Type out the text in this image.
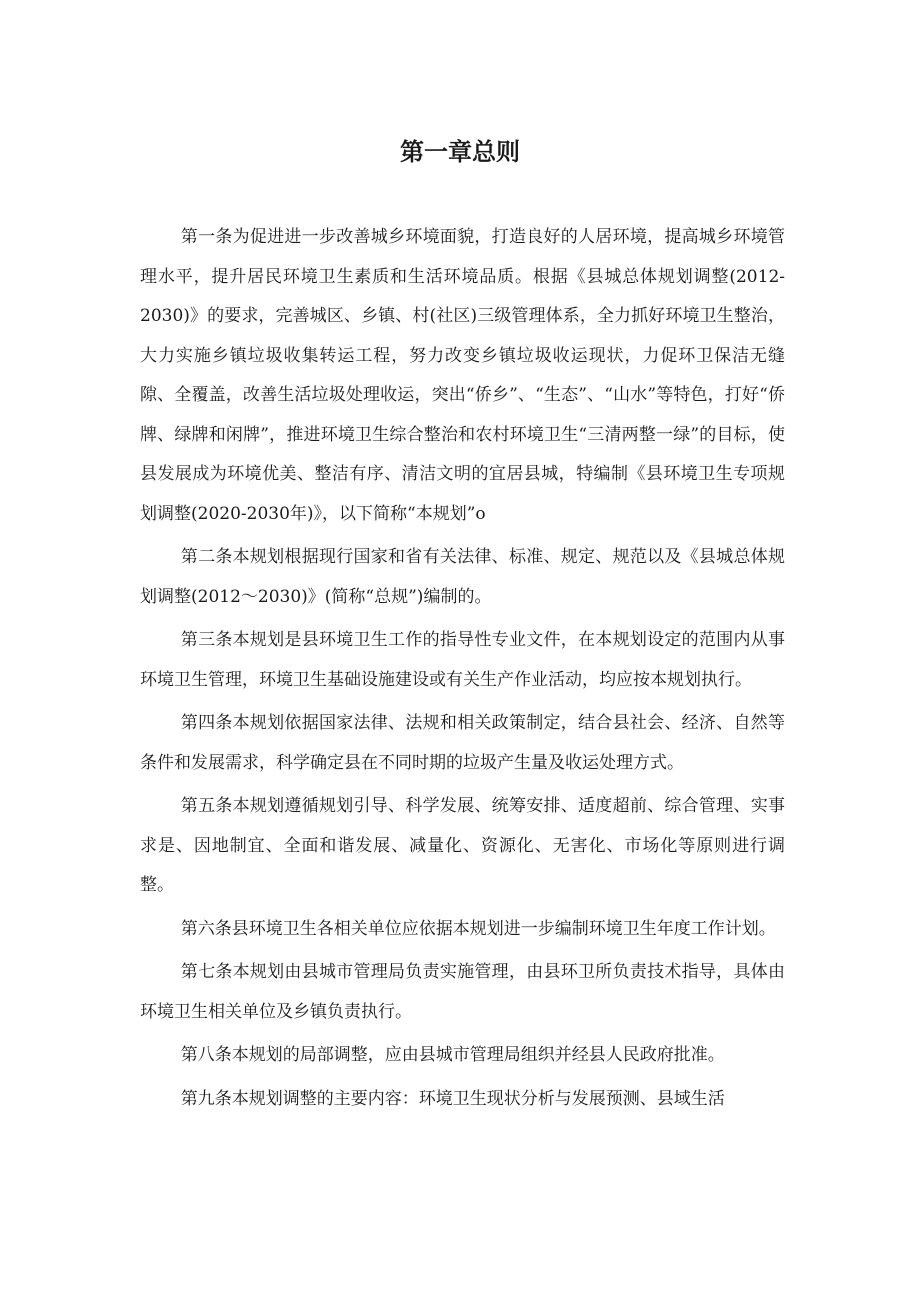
第一章总则

第一条为促进进一步改善城乡环境面貌，打造良好的人居环境，提高城乡环境管理水平，提升居民环境卫生素质和生活环境品质。根据《县城总体规划调整(2012-2030)》的要求，完善城区、乡镇、村(社区)三级管理体系，全力抓好环境卫生整治，大力实施乡镇垃圾收集转运工程，努力改变乡镇垃圾收运现状，力促环卫保洁无缝隙、全覆盖，改善生活垃圾处理收运，突出“侨乡”、“生态”、“山水”等特色，打好“侨牌、绿牌和闲牌”，推进环境卫生综合整治和农村环境卫生“三清两整一绿”的目标，使县发展成为环境优美、整洁有序、清洁文明的宜居县城，特编制《县环境卫生专项规划调整(2020-2030年)》，以下简称“本规划”o

第二条本规划根据现行国家和省有关法律、标准、规定、规范以及《县城总体规划调整(2012～2030)》(简称“总规”)编制的。

第三条本规划是县环境卫生工作的指导性专业文件，在本规划设定的范围内从事环境卫生管理，环境卫生基础设施建设或有关生产作业活动，均应按本规划执行。

第四条本规划依据国家法律、法规和相关政策制定，结合县社会、经济、自然等条件和发展需求，科学确定县在不同时期的垃圾产生量及收运处理方式。

第五条本规划遵循规划引导、科学发展、统筹安排、适度超前、综合管理、实事求是、因地制宜、全面和谐发展、减量化、资源化、无害化、市场化等原则进行调整。

第六条县环境卫生各相关单位应依据本规划进一步编制环境卫生年度工作计划。

第七条本规划由县城市管理局负责实施管理，由县环卫所负责技术指导，具体由环境卫生相关单位及乡镇负责执行。

第八条本规划的局部调整，应由县城市管理局组织并经县人民政府批准。

第九条本规划调整的主要内容：环境卫生现状分析与发展预测、县域生活
